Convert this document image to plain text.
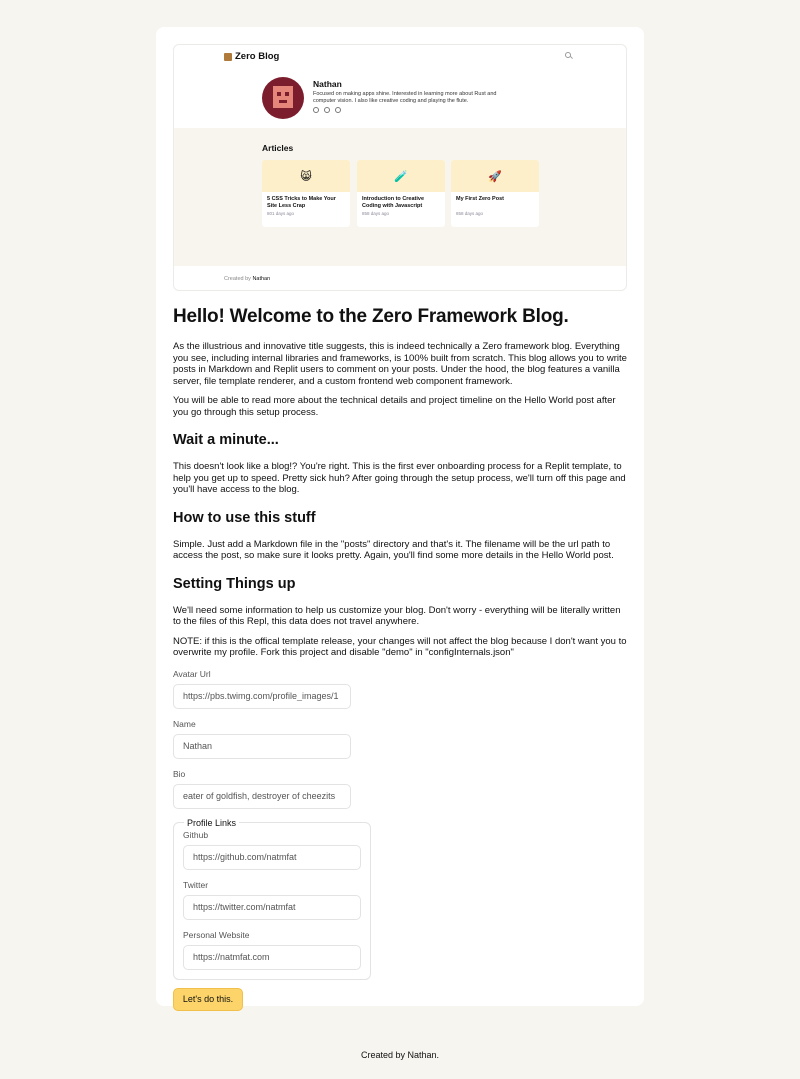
Zero Blog
Nathan
Focused on making apps shine. Interested in learning more about Rust and computer vision. I also like creative coding and playing the flute.
Articles
😸
5 CSS Tricks to Make Your Site Less Crap
801 days ago
🧪
Introduction to Creative Coding with Javascript
858 days ago
🚀
My First Zero Post
858 days ago
Created by Nathan
Hello! Welcome to the Zero Framework Blog.

As the illustrious and innovative title suggests, this is indeed technically a Zero framework blog. Everything you see, including internal libraries and frameworks, is 100% built from scratch. This blog allows you to write posts in Markdown and Replit users to comment on your posts. Under the hood, the blog features a vanilla server, file template renderer, and a custom frontend web component framework.

You will be able to read more about the technical details and project timeline on the Hello World post after you go through this setup process.

Wait a minute...

This doesn't look like a blog!? You're right. This is the first ever onboarding process for a Replit template, to help you get up to speed. Pretty sick huh? After going through the setup process, we'll turn off this page and you'll have access to the blog.

How to use this stuff

Simple. Just add a Markdown file in the "posts" directory and that's it. The filename will be the url path to access the post, so make sure it looks pretty. Again, you'll find some more details in the Hello World post.

Setting Things up

We'll need some information to help us customize your blog. Don't worry - everything will be literally written to the files of this Repl, this data does not travel anywhere.

NOTE: if this is the offical template release, your changes will not affect the blog because I don't want you to overwrite my profile. Fork this project and disable "demo" in "configInternals.json"

Avatar Url
https://pbs.twimg.com/profile_images/1
Name
Nathan
Bio
eater of goldfish, destroyer of cheezits
Profile Links
Github
https://github.com/natmfat
Twitter
https://twitter.com/natmfat
Personal Website
https://natmfat.com
Let's do this.
Created by Nathan.
